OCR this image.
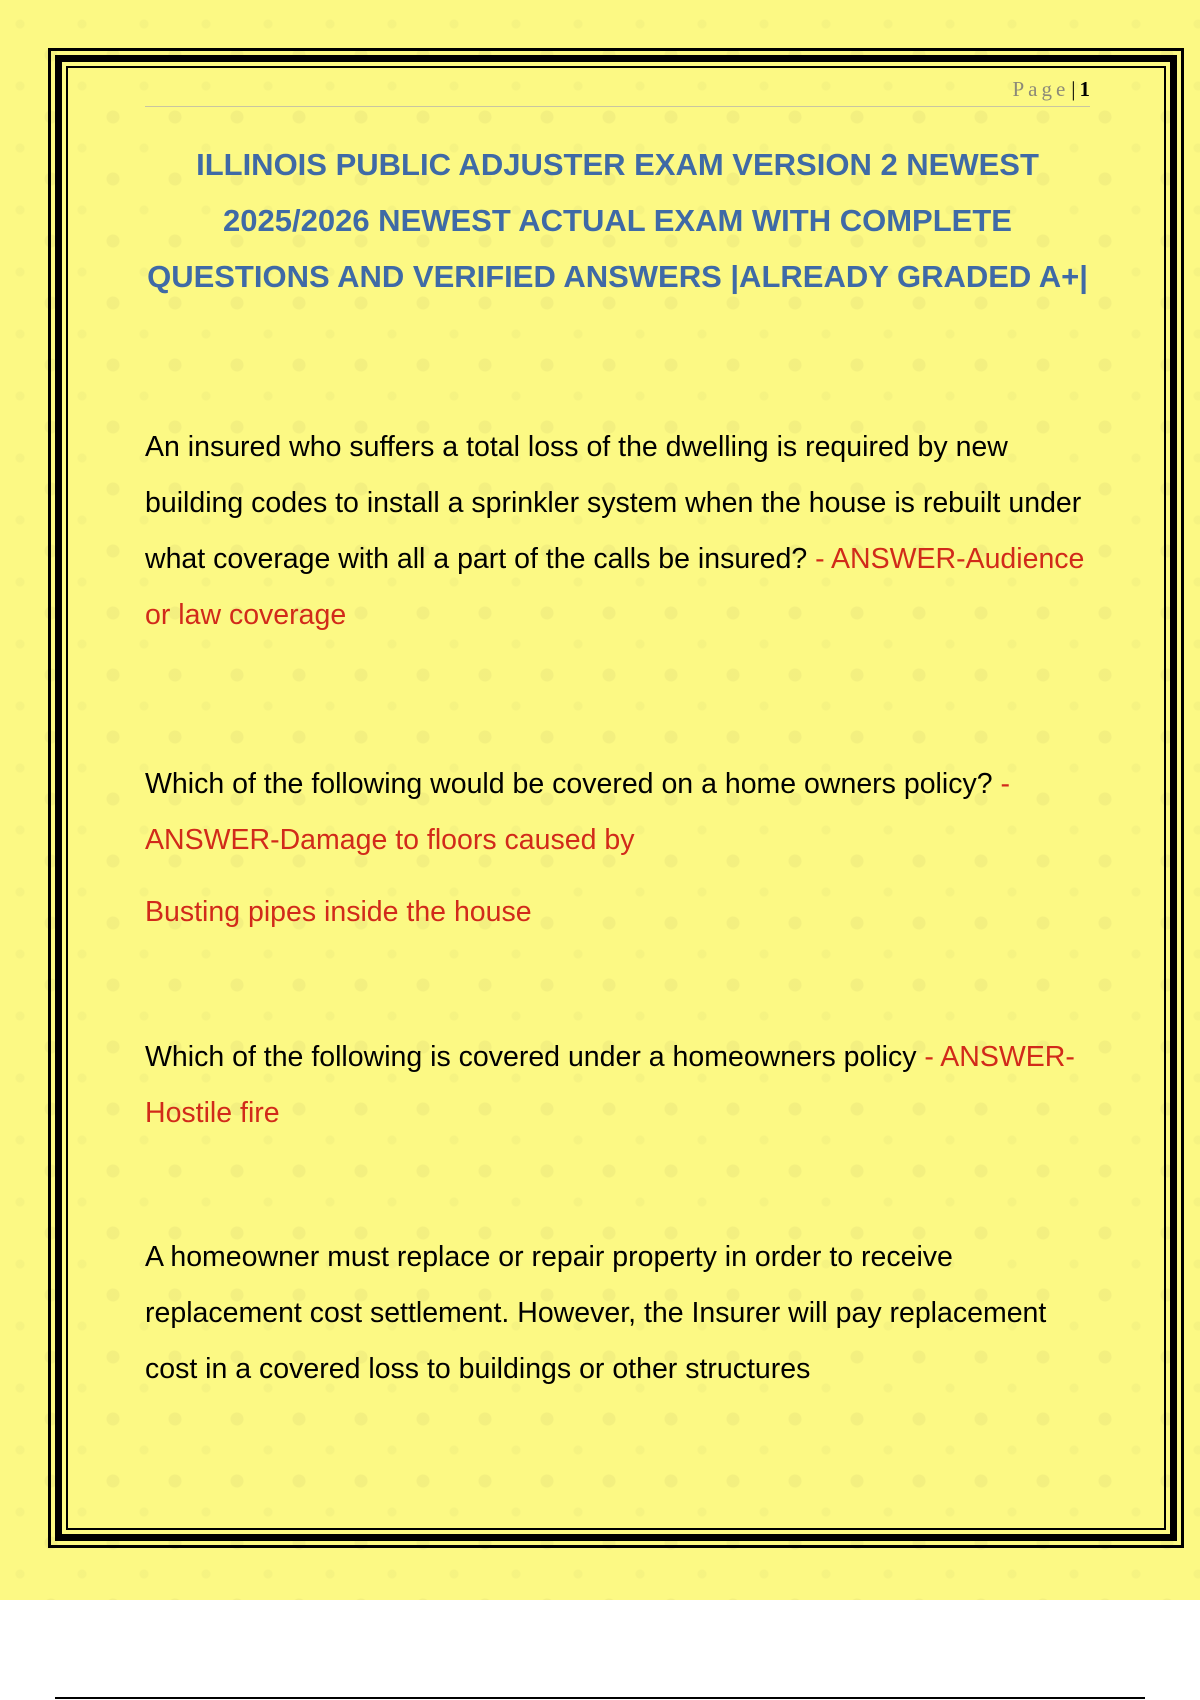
Page| 1
ILLINOIS PUBLIC ADJUSTER EXAM VERSION 2 NEWEST 2025/2026 NEWEST ACTUAL EXAM WITH COMPLETE QUESTIONS AND VERIFIED ANSWERS |ALREADY GRADED A+|

An insured who suffers a total loss of the dwelling is required by new building codes to install a sprinkler system when the house is rebuilt under what coverage with all a part of the calls be insured? - ANSWER-Audience or law coverage

Which of the following would be covered on a home owners policy? - ANSWER-Damage to floors caused by
Busting pipes inside the house

Which of the following is covered under a homeowners policy - ANSWER-Hostile fire

A homeowner must replace or repair property in order to receive replacement cost settlement. However, the Insurer will pay replacement cost in a covered loss to buildings or other structures
